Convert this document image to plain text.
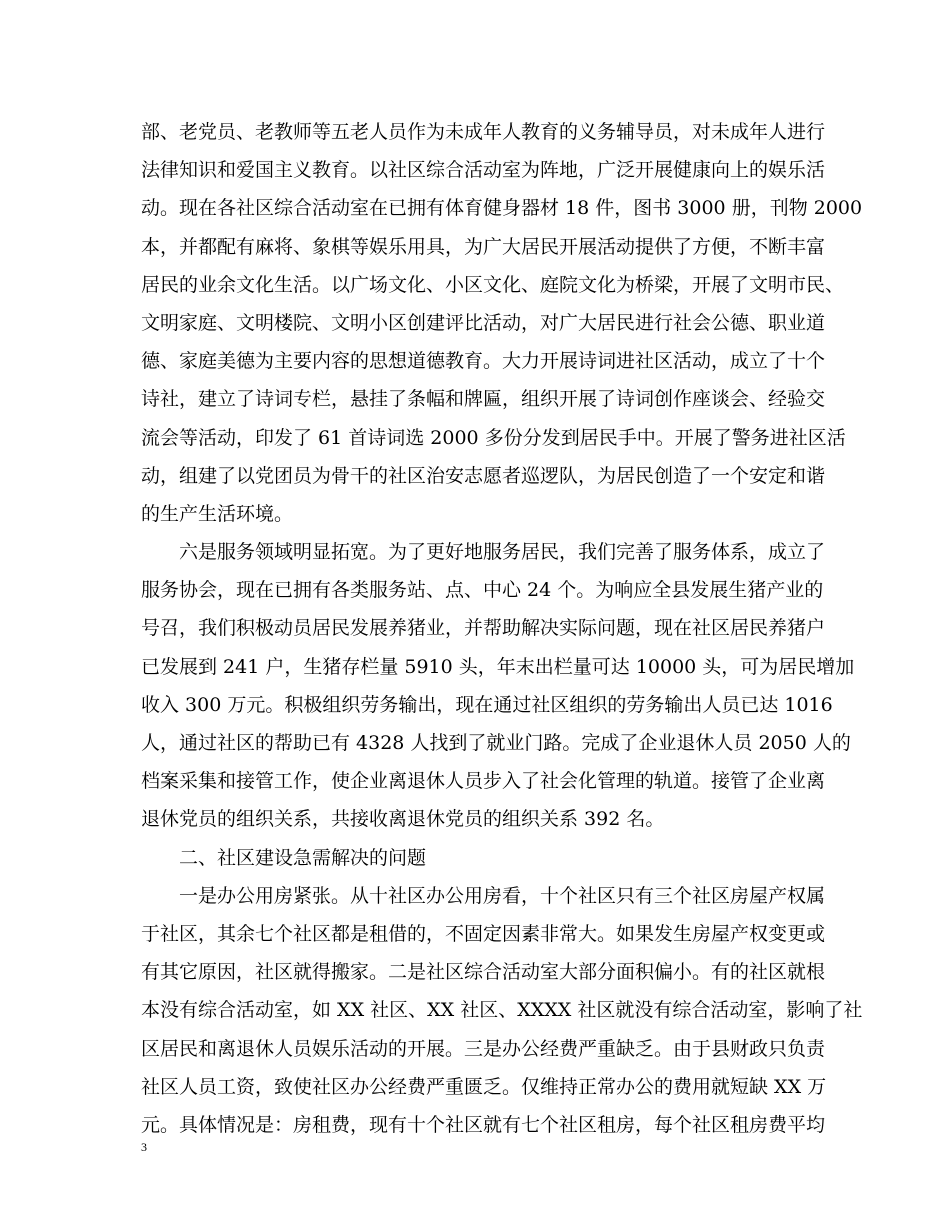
部、老党员、老教师等五老人员作为未成年人教育的义务辅导员，对未成年人进行
法律知识和爱国主义教育。以社区综合活动室为阵地，广泛开展健康向上的娱乐活
动。现在各社区综合活动室在已拥有体育健身器材 18 件，图书 3000 册，刊物 2000
本，并都配有麻将、象棋等娱乐用具，为广大居民开展活动提供了方便，不断丰富
居民的业余文化生活。以广场文化、小区文化、庭院文化为桥梁，开展了文明市民、
文明家庭、文明楼院、文明小区创建评比活动，对广大居民进行社会公德、职业道
德、家庭美德为主要内容的思想道德教育。大力开展诗词进社区活动，成立了十个
诗社，建立了诗词专栏，悬挂了条幅和牌匾，组织开展了诗词创作座谈会、经验交
流会等活动，印发了 61 首诗词选 2000 多份分发到居民手中。开展了警务进社区活
动，组建了以党团员为骨干的社区治安志愿者巡逻队，为居民创造了一个安定和谐
的生产生活环境。
六是服务领域明显拓宽。为了更好地服务居民，我们完善了服务体系，成立了
服务协会，现在已拥有各类服务站、点、中心 24 个。为响应全县发展生猪产业的
号召，我们积极动员居民发展养猪业，并帮助解决实际问题，现在社区居民养猪户
已发展到 241 户，生猪存栏量 5910 头，年末出栏量可达 10000 头，可为居民增加
收入 300 万元。积极组织劳务输出，现在通过社区组织的劳务输出人员已达 1016
人，通过社区的帮助已有 4328 人找到了就业门路。完成了企业退休人员 2050 人的
档案采集和接管工作，使企业离退休人员步入了社会化管理的轨道。接管了企业离
退休党员的组织关系，共接收离退休党员的组织关系 392 名。
二、社区建设急需解决的问题
一是办公用房紧张。从十社区办公用房看，十个社区只有三个社区房屋产权属
于社区，其余七个社区都是租借的，不固定因素非常大。如果发生房屋产权变更或
有其它原因，社区就得搬家。二是社区综合活动室大部分面积偏小。有的社区就根
本没有综合活动室，如 XX 社区、XX 社区、XXXX 社区就没有综合活动室，影响了社
区居民和离退休人员娱乐活动的开展。三是办公经费严重缺乏。由于县财政只负责
社区人员工资，致使社区办公经费严重匮乏。仅维持正常办公的费用就短缺 XX 万
元。具体情况是：房租费，现有十个社区就有七个社区租房，每个社区租房费平均
3
